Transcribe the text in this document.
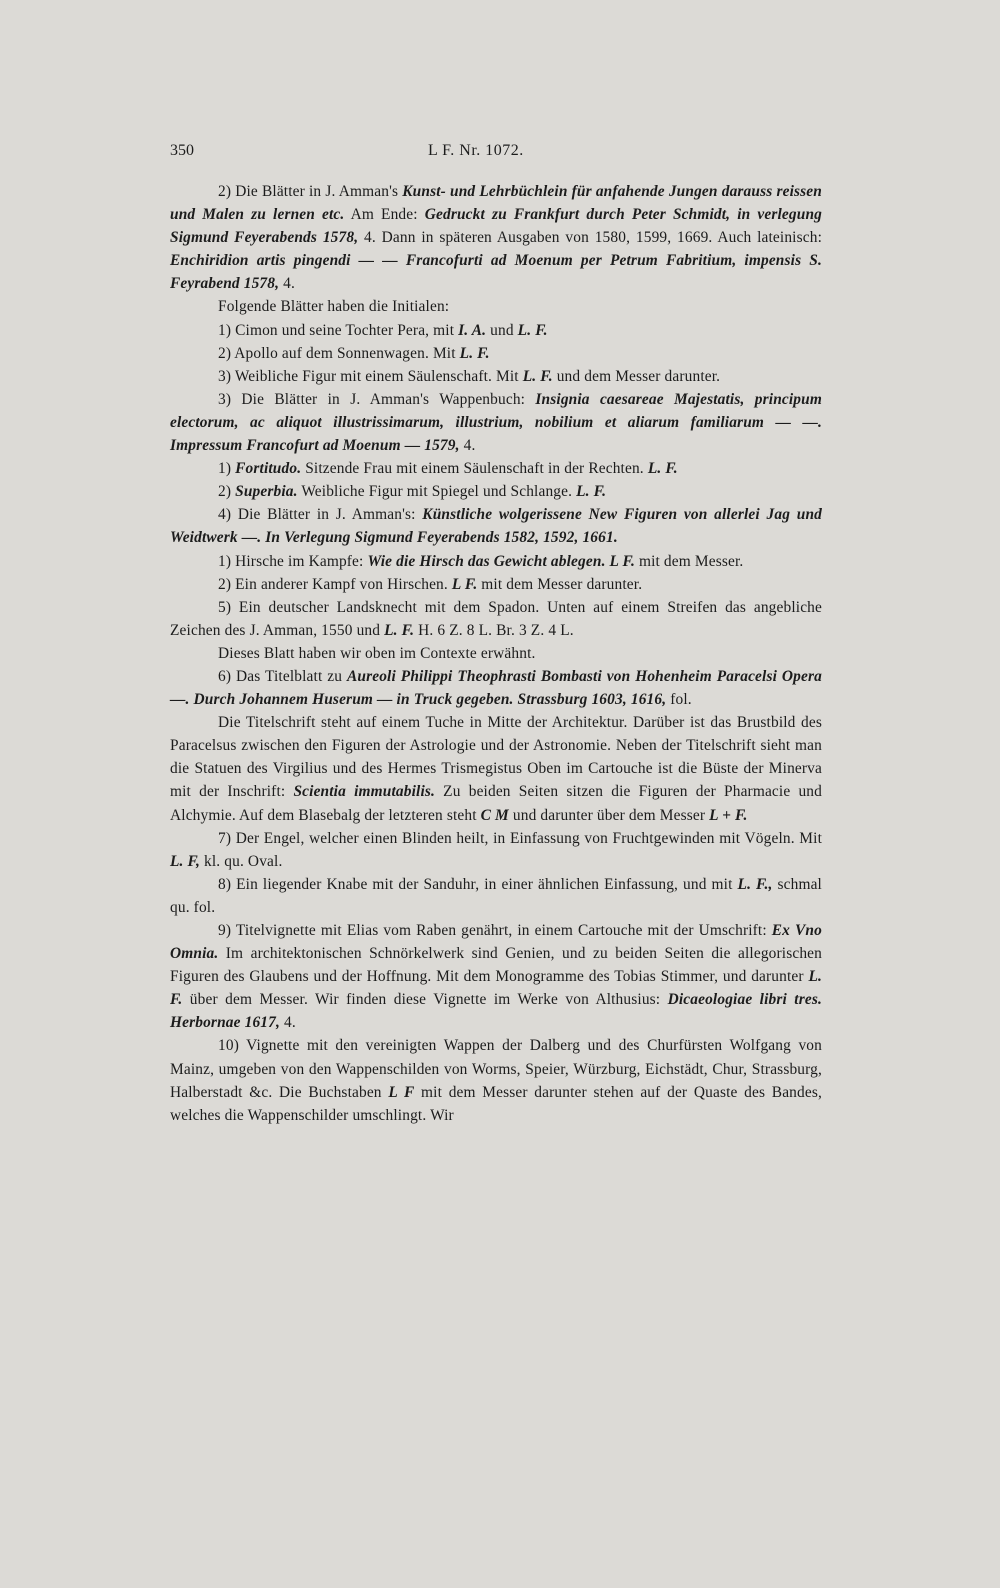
350	L F. Nr. 1072.

2) Die Blätter in J. Amman's Kunst- und Lehrbüchlein für anfahende Jungen darauss reissen und Malen zu lernen etc. Am Ende: Gedruckt zu Frankfurt durch Peter Schmidt, in verlegung Sigmund Feyerabends 1578, 4. Dann in späteren Ausgaben von 1580, 1599, 1669. Auch lateinisch: Enchiridion artis pingendi — — Francofurti ad Moenum per Petrum Fabritium, impensis S. Feyrabend 1578, 4.

Folgende Blätter haben die Initialen:

1) Cimon und seine Tochter Pera, mit I. A. und L. F.

2) Apollo auf dem Sonnenwagen. Mit L. F.

3) Weibliche Figur mit einem Säulenschaft. Mit L. F. und dem Messer darunter.

3) Die Blätter in J. Amman's Wappenbuch: Insignia caesareae Majestatis, principum electorum, ac aliquot illustrissimarum, illustrium, nobilium et aliarum familiarum — —. Impressum Francofurt ad Moenum — 1579, 4.

1) Fortitudo. Sitzende Frau mit einem Säulenschaft in der Rechten. L. F.

2) Superbia. Weibliche Figur mit Spiegel und Schlange. L. F.

4) Die Blätter in J. Amman's: Künstliche wolgerissene New Figuren von allerlei Jag und Weidtwerk —. In Verlegung Sigmund Feyerabends 1582, 1592, 1661.

1) Hirsche im Kampfe: Wie die Hirsch das Gewicht ablegen. L F. mit dem Messer.

2) Ein anderer Kampf von Hirschen. L F. mit dem Messer darunter.

5) Ein deutscher Landsknecht mit dem Spadon. Unten auf einem Streifen das angebliche Zeichen des J. Amman, 1550 und L. F. H. 6 Z. 8 L. Br. 3 Z. 4 L.

Dieses Blatt haben wir oben im Contexte erwähnt.

6) Das Titelblatt zu Aureoli Philippi Theophrasti Bombasti von Hohenheim Paracelsi Opera —. Durch Johannem Huserum — in Truck gegeben. Strassburg 1603, 1616, fol.

Die Titelschrift steht auf einem Tuche in Mitte der Architektur. Darüber ist das Brustbild des Paracelsus zwischen den Figuren der Astrologie und der Astronomie. Neben der Titelschrift sieht man die Statuen des Virgilius und des Hermes Trismegistus Oben im Cartouche ist die Büste der Minerva mit der Inschrift: Scientia immutabilis. Zu beiden Seiten sitzen die Figuren der Pharmacie und Alchymie. Auf dem Blasebalg der letzteren steht C M und darunter über dem Messer L + F.

7) Der Engel, welcher einen Blinden heilt, in Einfassung von Fruchtgewinden mit Vögeln. Mit L. F, kl. qu. Oval.

8) Ein liegender Knabe mit der Sanduhr, in einer ähnlichen Einfassung, und mit L. F., schmal qu. fol.

9) Titelvignette mit Elias vom Raben genährt, in einem Cartouche mit der Umschrift: Ex Vno Omnia. Im architektonischen Schnörkelwerk sind Genien, und zu beiden Seiten die allegorischen Figuren des Glaubens und der Hoffnung. Mit dem Monogramme des Tobias Stimmer, und darunter L. F. über dem Messer. Wir finden diese Vignette im Werke von Althusius: Dicaeologiae libri tres. Herbornae 1617, 4.

10) Vignette mit den vereinigten Wappen der Dalberg und des Churfürsten Wolfgang von Mainz, umgeben von den Wappenschilden von Worms, Speier, Würzburg, Eichstädt, Chur, Strassburg, Halberstadt &c. Die Buchstaben L F mit dem Messer darunter stehen auf der Quaste des Bandes, welches die Wappenschilder umschlingt. Wir
